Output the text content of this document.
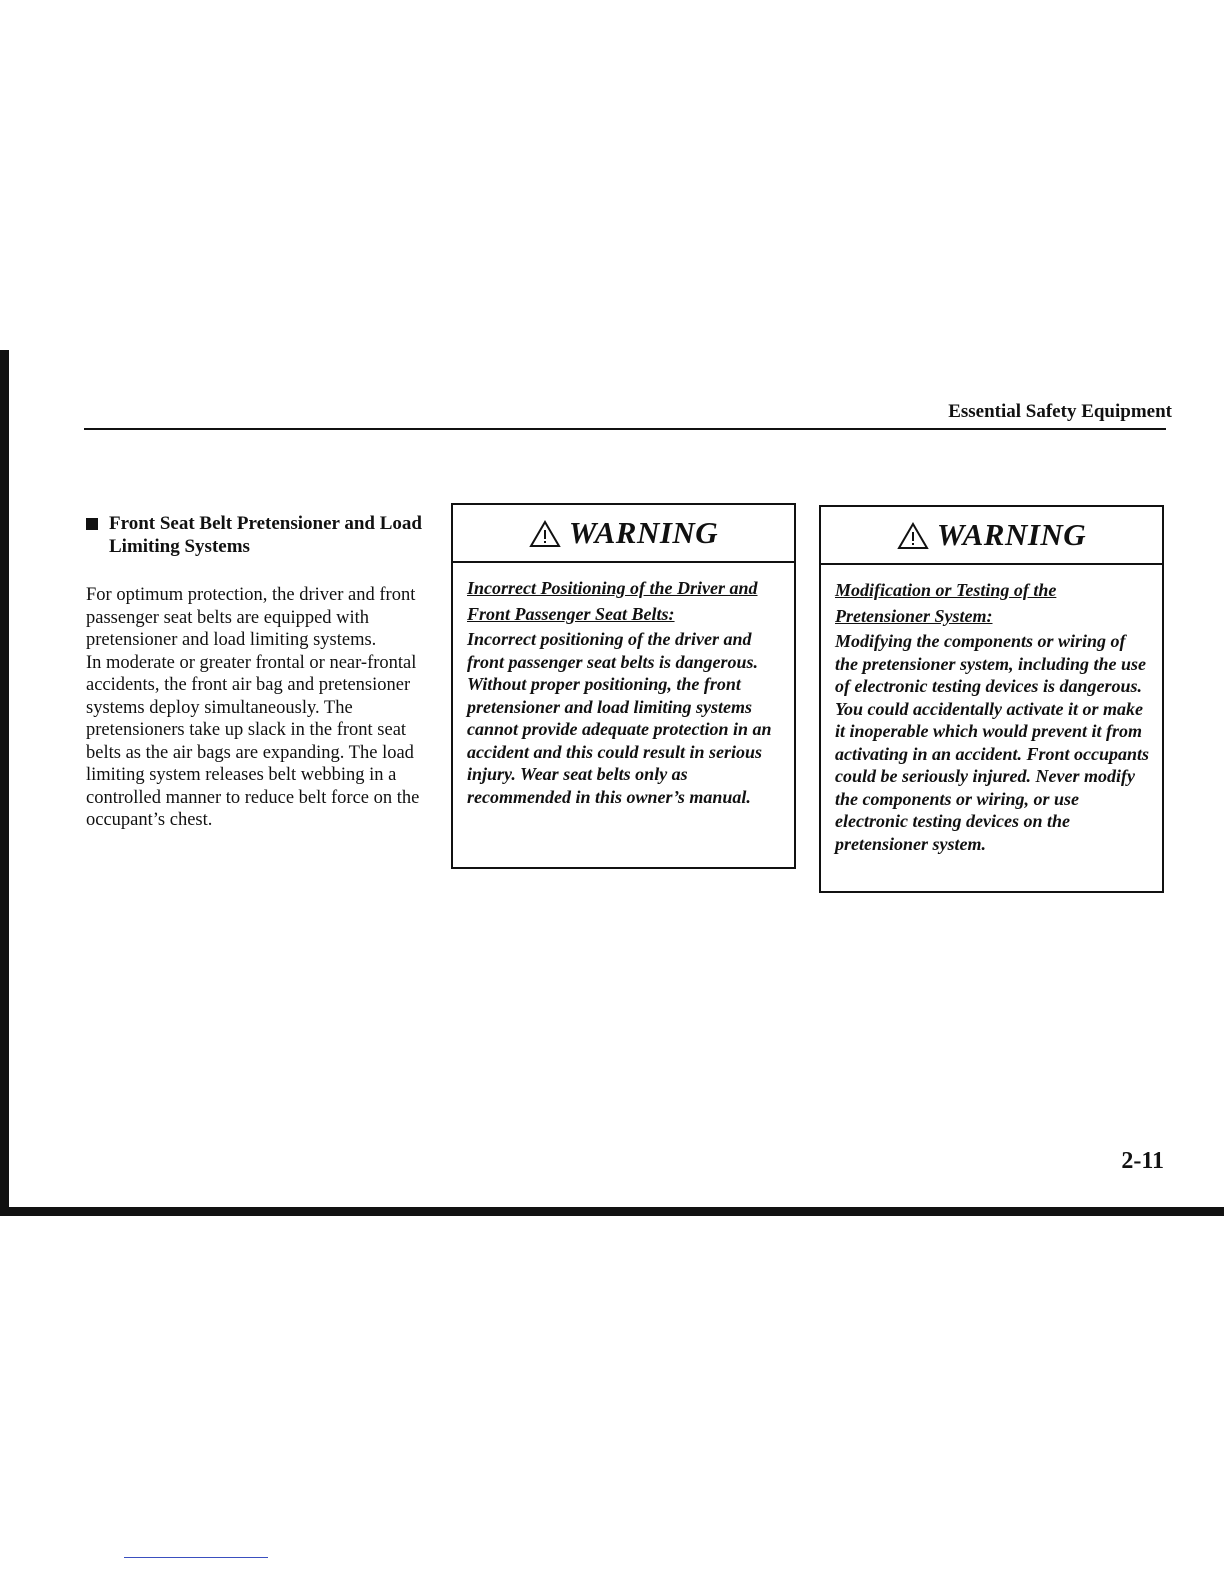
Essential Safety Equipment
Front Seat Belt Pretensioner and Load Limiting Systems

For optimum protection, the driver and front passenger seat belts are equipped with pretensioner and load limiting systems.

In moderate or greater frontal or near-frontal accidents, the front air bag and pretensioner systems deploy simultaneously. The pretensioners take up slack in the front seat belts as the air bags are expanding. The load limiting system releases belt webbing in a controlled manner to reduce belt force on the occupant’s chest.

WARNING
Incorrect Positioning of the Driver and Front Passenger Seat Belts:
Incorrect positioning of the driver and front passenger seat belts is dangerous. Without proper positioning, the front pretensioner and load limiting systems cannot provide adequate protection in an accident and this could result in serious injury. Wear seat belts only as recommended in this owner’s manual.
WARNING
Modification or Testing of the Pretensioner System:
Modifying the components or wiring of the pretensioner system, including the use of electronic testing devices is dangerous. You could accidentally activate it or make it inoperable which would prevent it from activating in an accident. Front occupants could be seriously injured. Never modify the components or wiring, or use electronic testing devices on the pretensioner system.
2-11
